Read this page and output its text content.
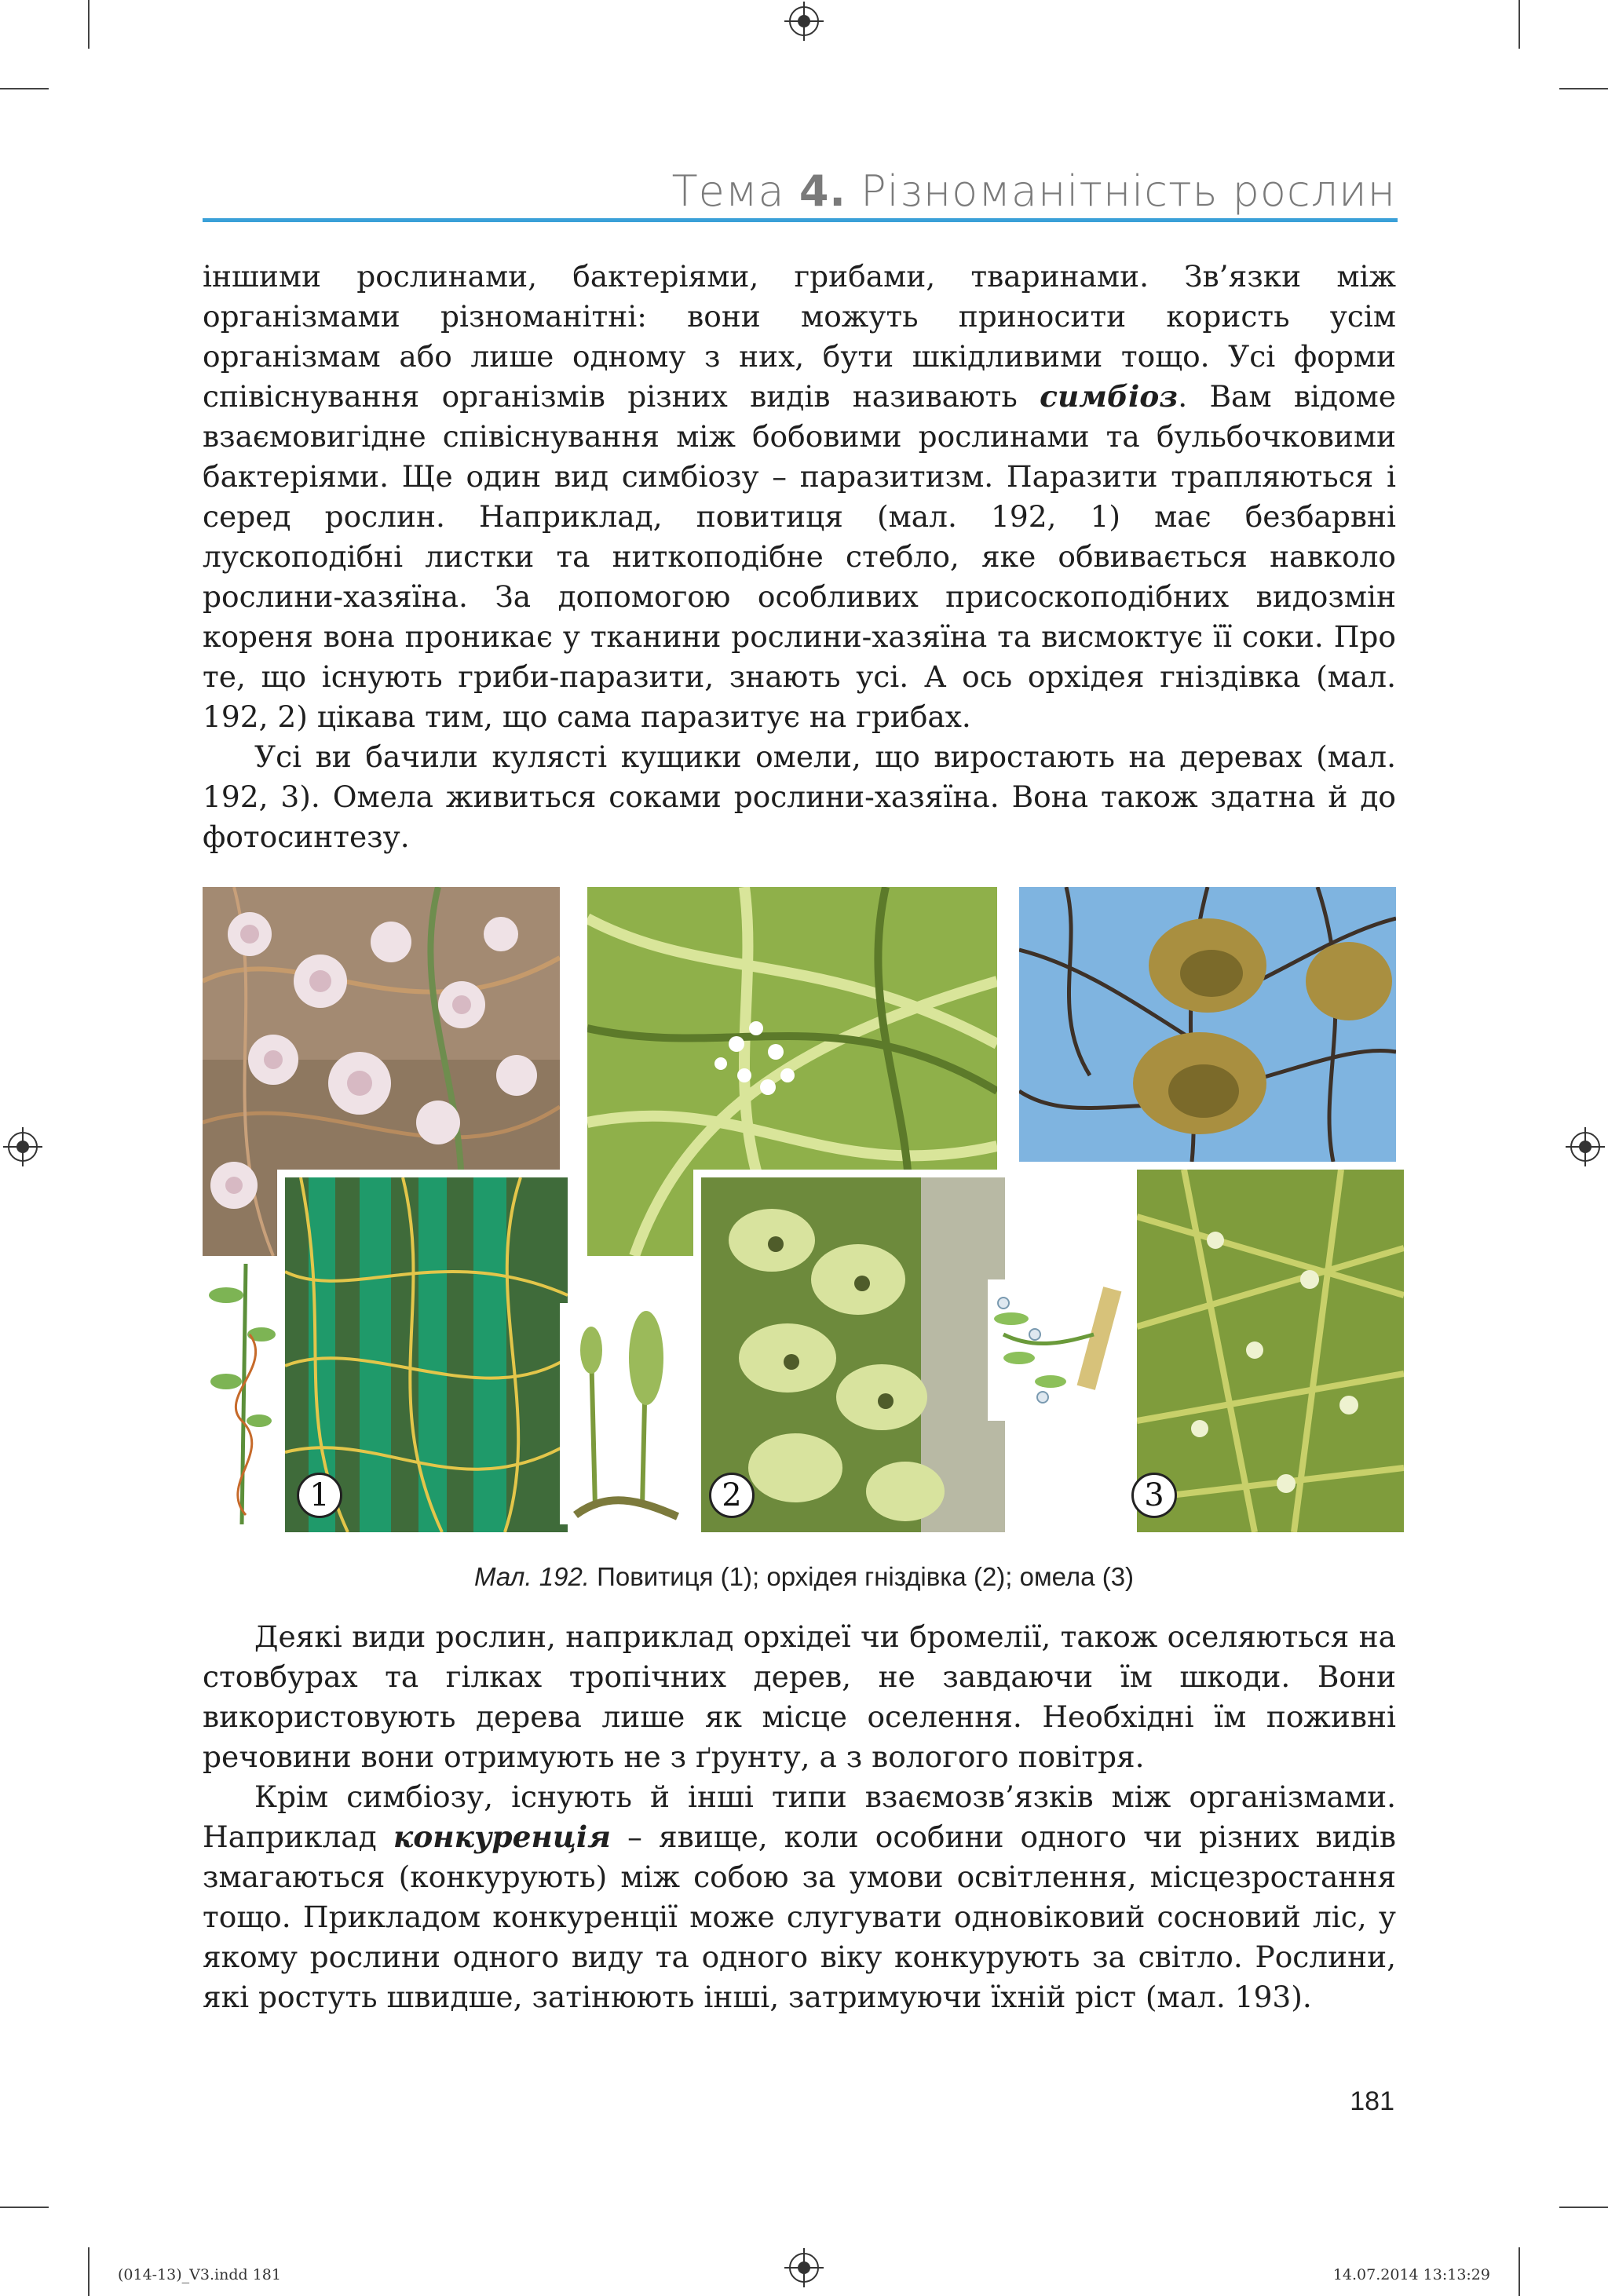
Тема 4. Різноманітність рослин

іншими рослинами, бактеріями, грибами, тваринами. Зв’язки між організмами різноманітні: вони можуть приносити користь усім організмам або лише одному з них, бути шкідливими тощо. Усі форми співіснування організмів різних видів називають симбіоз. Вам відоме взаємовигідне співіснування між бобовими рослинами та бульбочковими бактеріями. Ще один вид симбіозу – паразитизм. Паразити трапляються і серед рослин. Наприклад, повитиця (мал. 192, 1) має безбарвні лускоподібні листки та ниткоподібне стебло, яке обвивається навколо рослини-хазяїна. За допомогою особливих присоскоподібних видозмін кореня вона проникає у тканини рослини-хазяїна та висмоктує її соки. Про те, що існують гриби-паразити, знають усі. А ось орхідея гніздівка (мал. 192, 2) цікава тим, що сама паразитує на грибах.

Усі ви бачили кулясті кущики омели, що виростають на деревах (мал. 192, 3). Омела живиться соками рослини-хазяїна. Вона також здатна й до фотосинтезу.

1	2	3
Мал. 192. Повитиця (1); орхідея гніздівка (2); омела (3)

Деякі види рослин, наприклад орхідеї чи бромелії, також оселяються на стовбурах та гілках тропічних дерев, не завдаючи їм шкоди. Вони використовують дерева лише як місце оселення. Необхідні їм поживні речовини вони отримують не з ґрунту, а з вологого повітря.

Крім симбіозу, існують й інші типи взаємозв’язків між організмами. Наприклад конкуренція – явище, коли особини одного чи різних видів змагаються (конкурують) між собою за умови освітлення, місцезростання тощо. Прикладом конкуренції може слугувати одновіковий сосновий ліс, у якому рослини одного виду та одного віку конкурують за світло. Рослини, які ростуть швидше, затінюють інші, затримуючи їхній ріст (мал. 193).

181
(014-13)_V3.indd 181	14.07.2014 13:13:29
